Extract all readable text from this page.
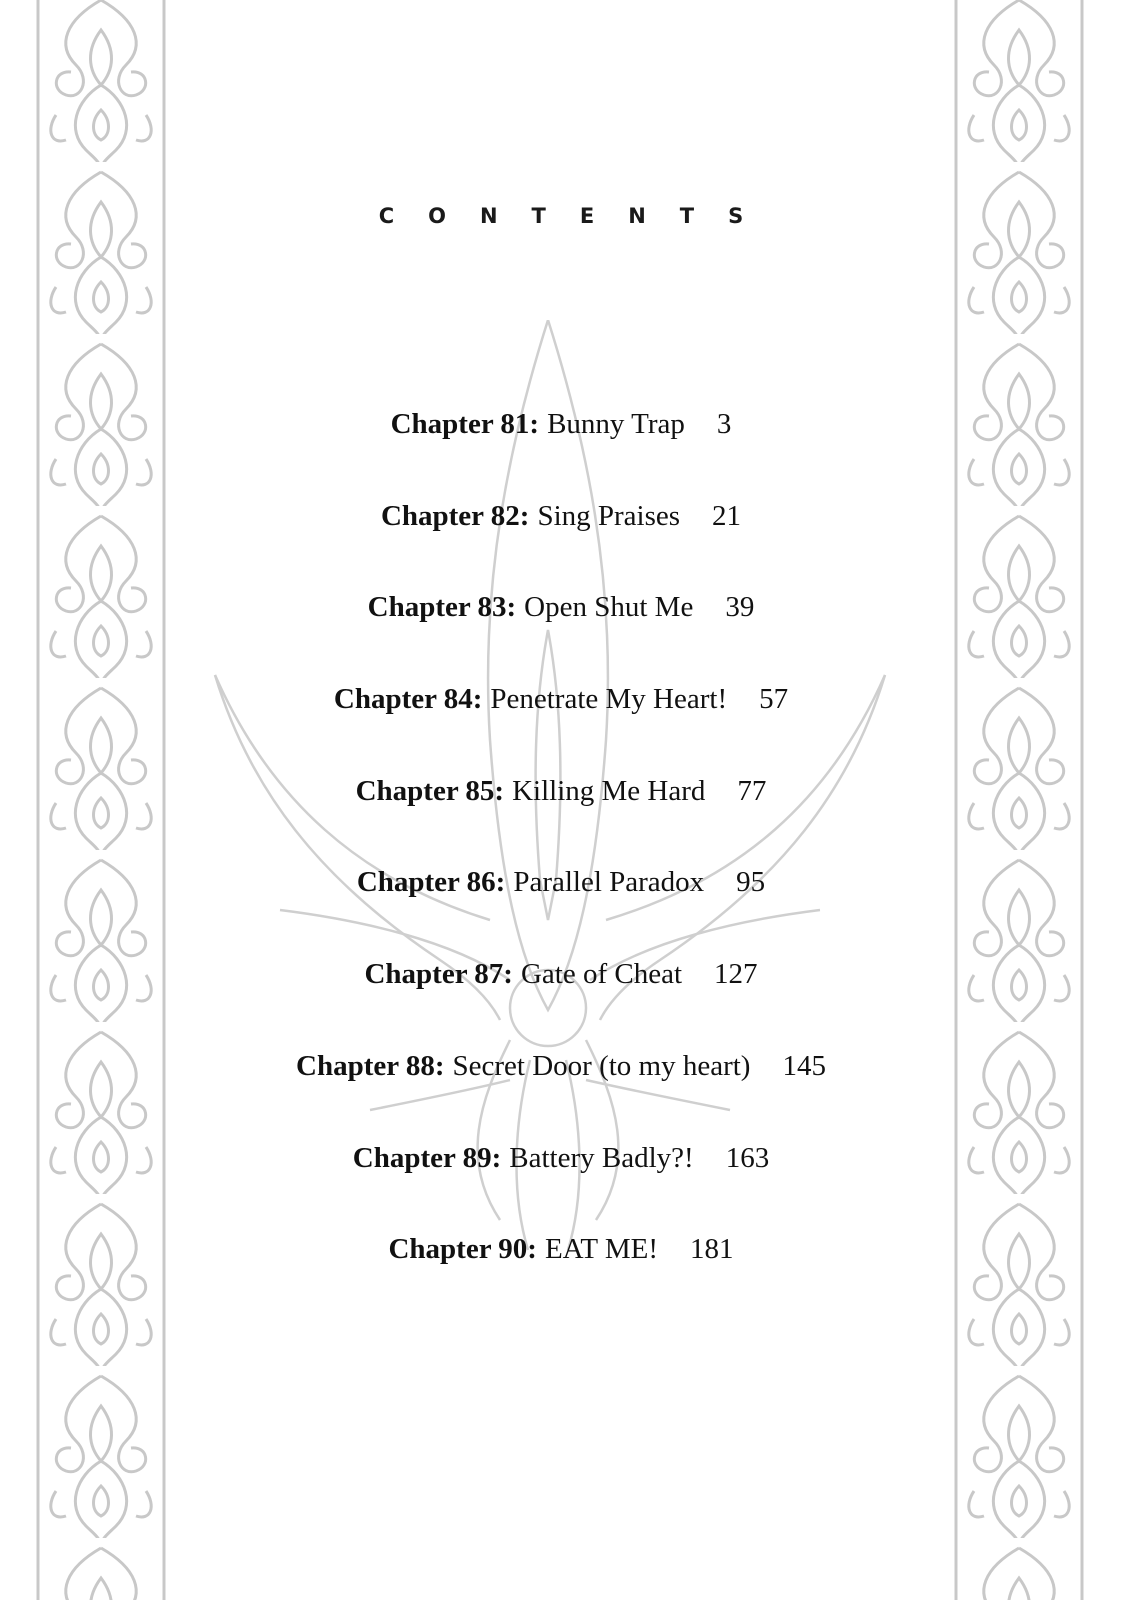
CONTENTS
Chapter 81: Bunny Trap 3
Chapter 82: Sing Praises 21
Chapter 83: Open Shut Me 39
Chapter 84: Penetrate My Heart! 57
Chapter 85: Killing Me Hard 77
Chapter 86: Parallel Paradox 95
Chapter 87: Gate of Cheat 127
Chapter 88: Secret Door (to my heart) 145
Chapter 89: Battery Badly?! 163
Chapter 90: EAT ME! 181
